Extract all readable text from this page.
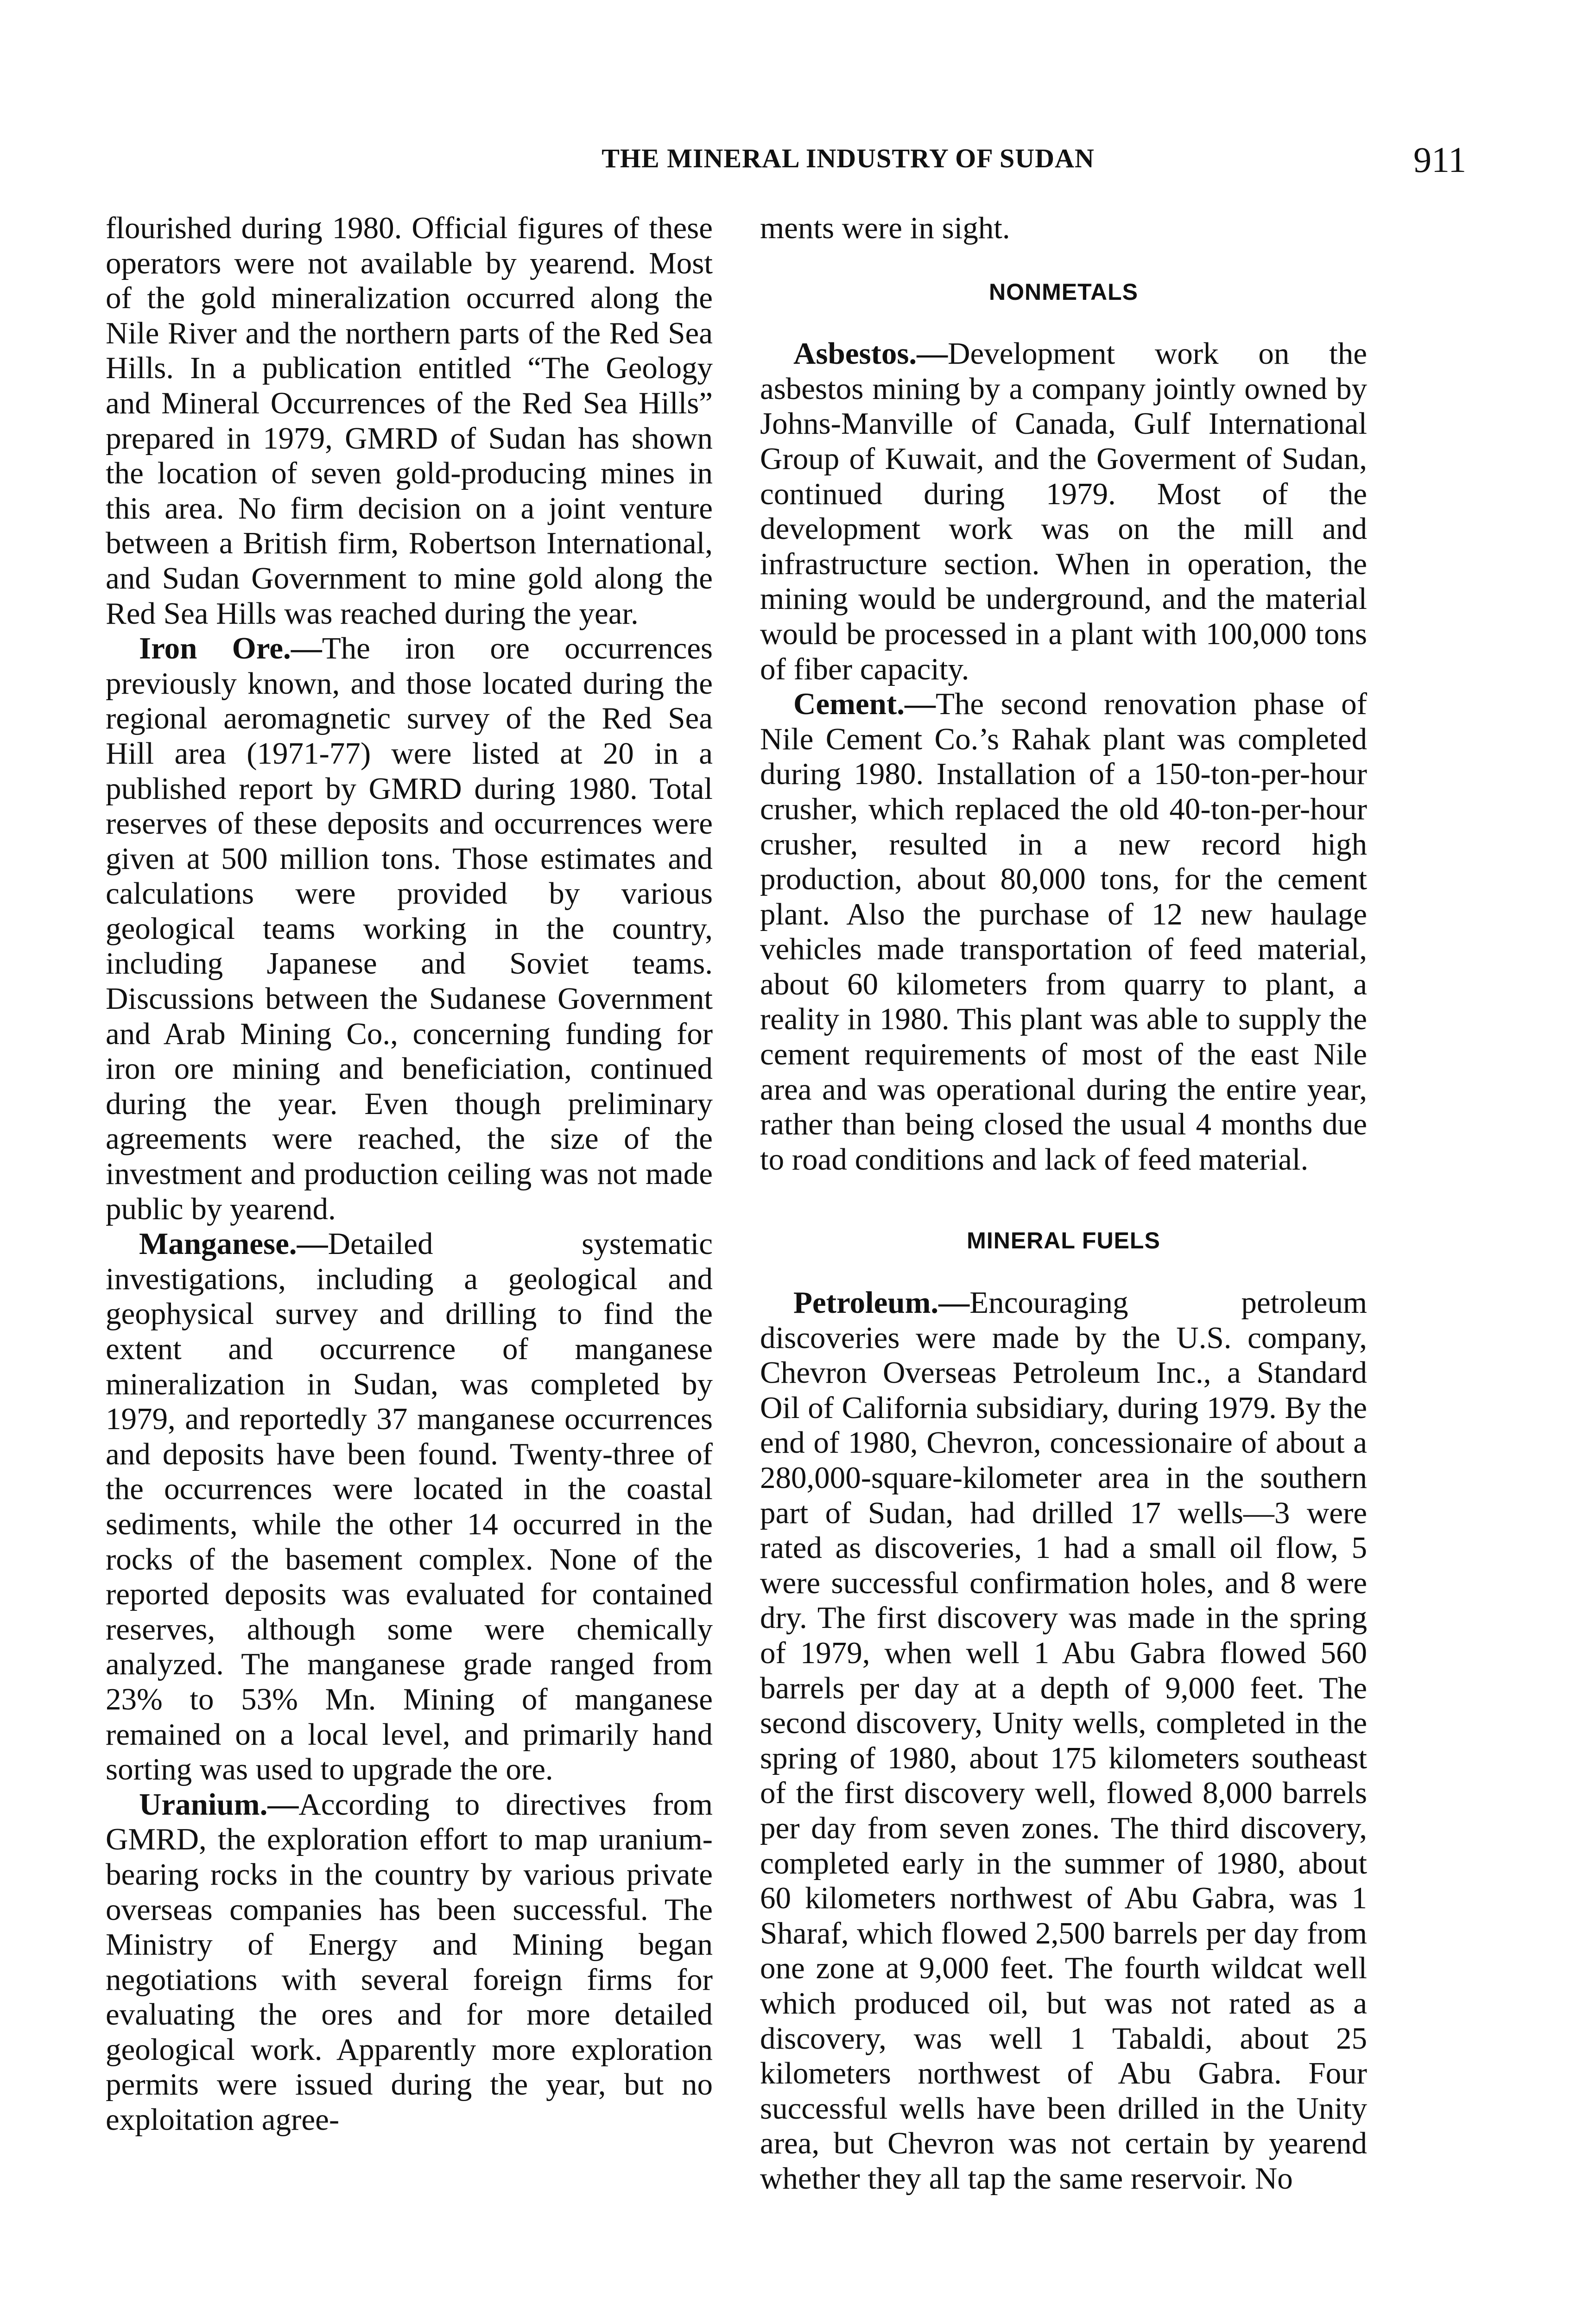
THE MINERAL INDUSTRY OF SUDAN	911

flourished during 1980. Official figures of these operators were not available by yearend. Most of the gold mineralization occurred along the Nile River and the northern parts of the Red Sea Hills. In a publication entitled “The Geology and Mineral Occurrences of the Red Sea Hills” prepared in 1979, GMRD of Sudan has shown the location of seven gold-producing mines in this area. No firm decision on a joint venture between a British firm, Robertson International, and Sudan Government to mine gold along the Red Sea Hills was reached during the year.

Iron Ore.—The iron ore occurrences previously known, and those located during the regional aeromagnetic survey of the Red Sea Hill area (1971-77) were listed at 20 in a published report by GMRD during 1980. Total reserves of these deposits and occurrences were given at 500 million tons. Those estimates and calculations were provided by various geological teams working in the country, including Japanese and Soviet teams. Discussions between the Sudanese Government and Arab Mining Co., concerning funding for iron ore mining and beneficiation, continued during the year. Even though preliminary agreements were reached, the size of the investment and production ceiling was not made public by yearend.

Manganese.—Detailed systematic investigations, including a geological and geophysical survey and drilling to find the extent and occurrence of manganese mineralization in Sudan, was completed by 1979, and reportedly 37 manganese occurrences and deposits have been found. Twenty-three of the occurrences were located in the coastal sediments, while the other 14 occurred in the rocks of the basement complex. None of the reported deposits was evaluated for contained reserves, although some were chemically analyzed. The manganese grade ranged from 23% to 53% Mn. Mining of manganese remained on a local level, and primarily hand sorting was used to upgrade the ore.

Uranium.—According to directives from GMRD, the exploration effort to map uranium-bearing rocks in the country by various private overseas companies has been successful. The Ministry of Energy and Mining began negotiations with several foreign firms for evaluating the ores and for more detailed geological work. Apparently more exploration permits were issued during the year, but no exploitation agree-

ments were in sight.

NONMETALS

Asbestos.—Development work on the asbestos mining by a company jointly owned by Johns-Manville of Canada, Gulf International Group of Kuwait, and the Goverment of Sudan, continued during 1979. Most of the development work was on the mill and infrastructure section. When in operation, the mining would be underground, and the material would be processed in a plant with 100,000 tons of fiber capacity.

Cement.—The second renovation phase of Nile Cement Co.’s Rahak plant was completed during 1980. Installation of a 150-ton-per-hour crusher, which replaced the old 40-ton-per-hour crusher, resulted in a new record high production, about 80,000 tons, for the cement plant. Also the purchase of 12 new haulage vehicles made transportation of feed material, about 60 kilometers from quarry to plant, a reality in 1980. This plant was able to supply the cement requirements of most of the east Nile area and was operational during the entire year, rather than being closed the usual 4 months due to road conditions and lack of feed material.

MINERAL FUELS

Petroleum.—Encouraging petroleum discoveries were made by the U.S. company, Chevron Overseas Petroleum Inc., a Standard Oil of California subsidiary, during 1979. By the end of 1980, Chevron, concessionaire of about a 280,000-square-kilometer area in the southern part of Sudan, had drilled 17 wells—3 were rated as discoveries, 1 had a small oil flow, 5 were successful confirmation holes, and 8 were dry. The first discovery was made in the spring of 1979, when well 1 Abu Gabra flowed 560 barrels per day at a depth of 9,000 feet. The second discovery, Unity wells, completed in the spring of 1980, about 175 kilometers southeast of the first discovery well, flowed 8,000 barrels per day from seven zones. The third discovery, completed early in the summer of 1980, about 60 kilometers northwest of Abu Gabra, was 1 Sharaf, which flowed 2,500 barrels per day from one zone at 9,000 feet. The fourth wildcat well which produced oil, but was not rated as a discovery, was well 1 Tabaldi, about 25 kilometers northwest of Abu Gabra. Four successful wells have been drilled in the Unity area, but Chevron was not certain by yearend whether they all tap the same reservoir. No
